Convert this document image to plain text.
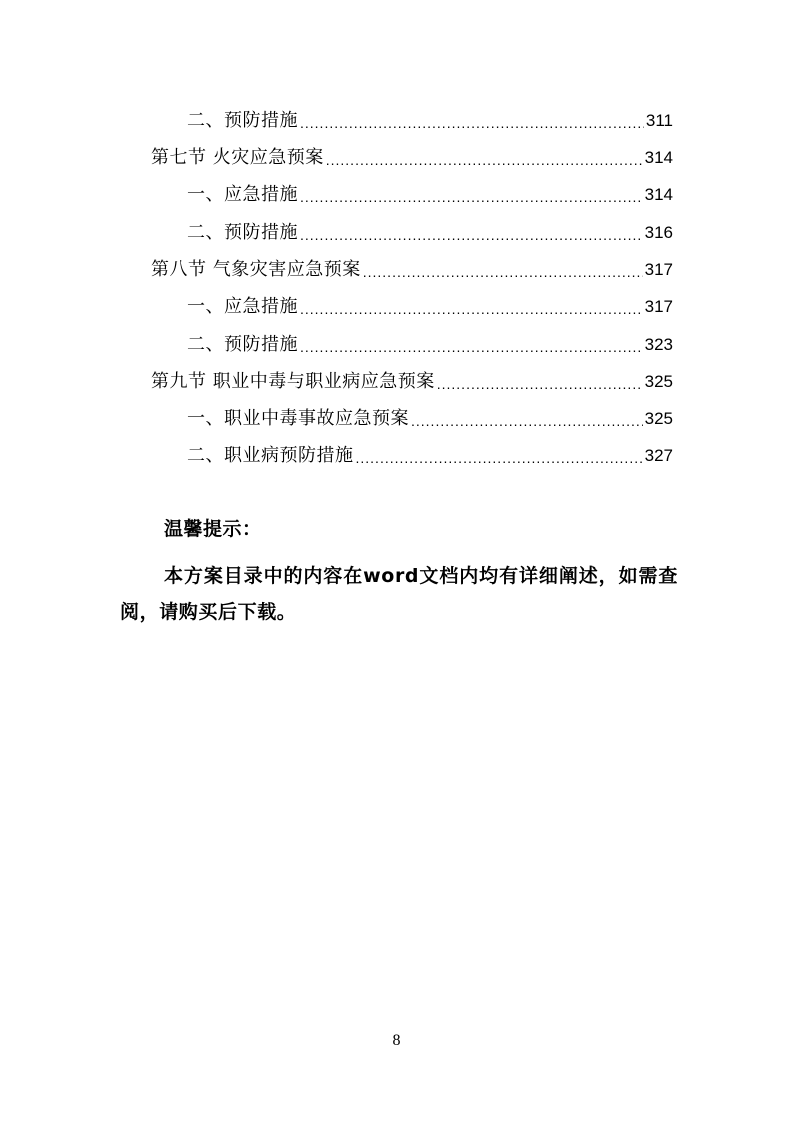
二、预防措施 .....	311
第七节 火灾应急预案 .....	314
一、应急措施 .....	314
二、预防措施 .....	316
第八节 气象灾害应急预案 .....	317
一、应急措施 .....	317
二、预防措施 .....	323
第九节 职业中毒与职业病应急预案 .....	325
一、职业中毒事故应急预案 .....	325
二、职业病预防措施 .....	327
温馨提示：
本方案目录中的内容在word文档内均有详细阐述，如需查阅，请购买后下载。
8
